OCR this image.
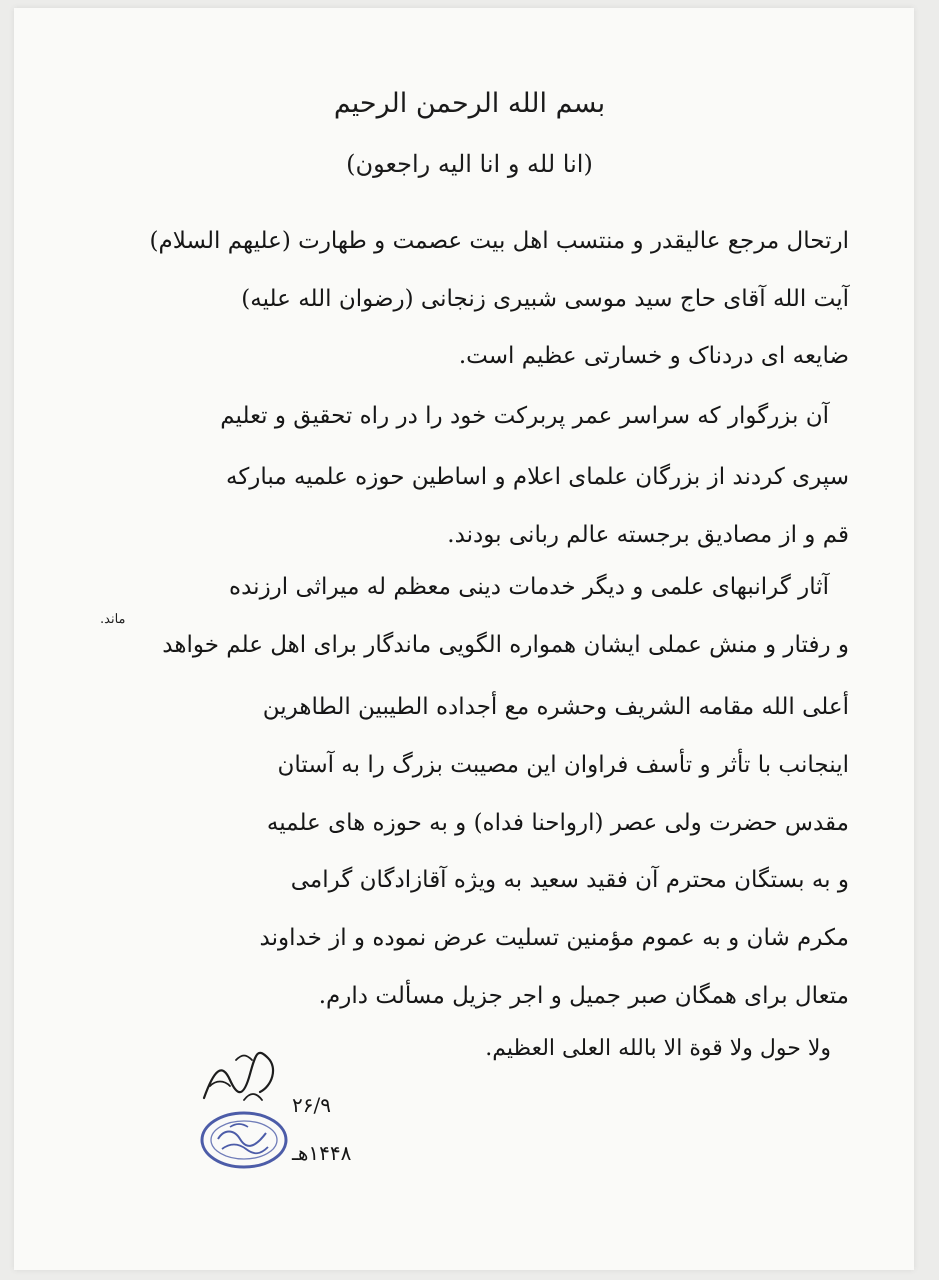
بسم الله الرحمن الرحیم
(انا لله و انا الیه راجعون)
ارتحال مرجع عالیقدر و منتسب اهل بیت عصمت و طهارت (علیهم السلام)
آیت الله آقای حاج سید موسی شبیری زنجانی (رضوان الله علیه)
ضایعه ای دردناک و خسارتی عظیم است.
آن بزرگوار که سراسر عمر پربرکت خود را در راه تحقیق و تعلیم
سپری کردند از بزرگان علمای اعلام و اساطین حوزه علمیه مبارکه
قم و از مصادیق برجسته عالم ربانی بودند.
آثار گرانبهای علمی و دیگر خدمات دینی معظم له میراثی ارزنده
و رفتار و منش عملی ایشان همواره الگویی ماندگار برای اهل علم خواهد
أعلی الله مقامه الشریف وحشره مع أجداده الطیبین الطاهرین
اینجانب با تأثر و تأسف فراوان این مصیبت بزرگ را به آستان
مقدس حضرت ولی عصر (ارواحنا فداه) و به حوزه های علمیه
و به بستگان محترم آن فقید سعید به ویژه آقازادگان گرامی
مکرم شان و به عموم مؤمنین تسلیت عرض نموده و از خداوند
متعال برای همگان صبر جمیل و اجر جزیل مسألت دارم.
ماند.
ولا حول ولا قوة الا بالله العلی العظیم.
۲۶/۹
۱۴۴۸هـ
